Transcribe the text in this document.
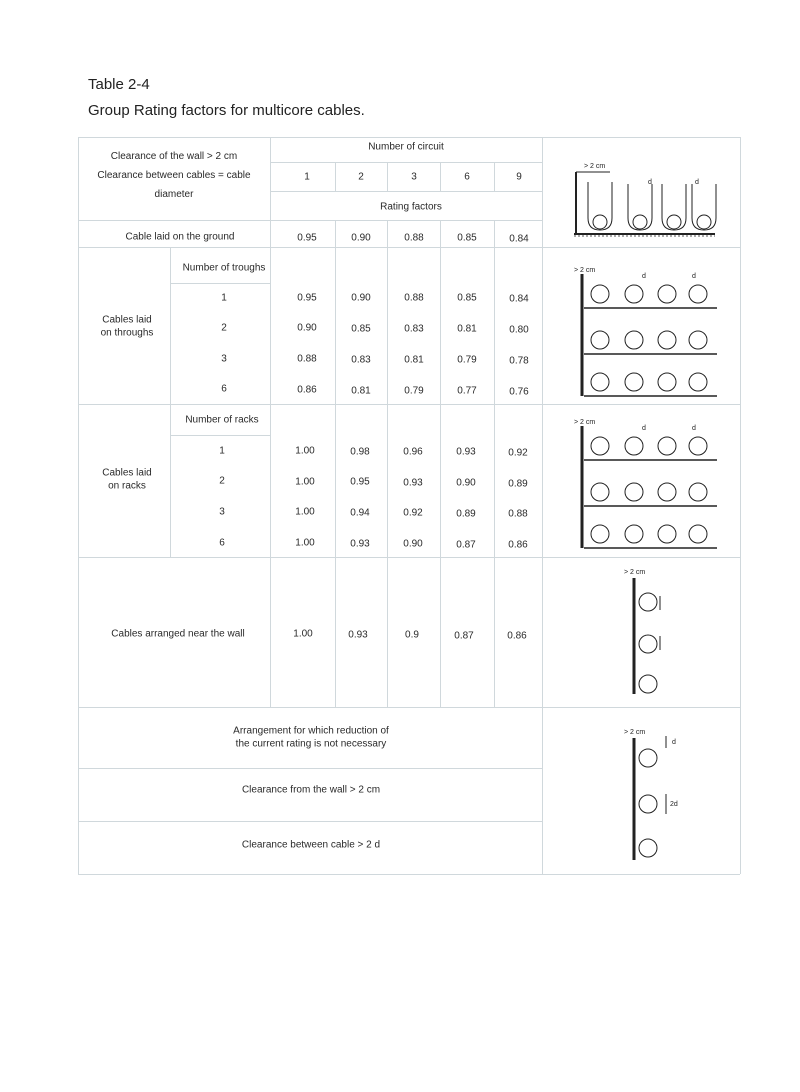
Table 2-4
Group Rating factors for multicore cables.
Clearance of the wall > 2 cm
Clearance between cables = cable
diameter
Number of circuit
1	2	3	6	9
Rating factors
Cable laid on the ground	0.95	0.90	0.88	0.85	0.84
Cables laid
on throughs
Number of troughs
1	0.95	0.90	0.88	0.85	0.84
2	0.90	0.85	0.83	0.81	0.80
3	0.88	0.83	0.81	0.79	0.78
6	0.86	0.81	0.79	0.77	0.76
Cables laid
on racks
Number of racks
1	1.00	0.98	0.96	0.93	0.92
2	1.00	0.95	0.93	0.90	0.89
3	1.00	0.94	0.92	0.89	0.88
6	1.00	0.93	0.90	0.87	0.86
Cables arranged near the wall	1.00	0.93	0.9	0.87	0.86
Arrangement for which reduction of
the current rating is not necessary
Clearance from the wall > 2 cm
Clearance between cable > 2 d
> 2 cm
d	d
> 2 cm
d	d
> 2 cm
d	d
> 2 cm
> 2 cm
d
2d
